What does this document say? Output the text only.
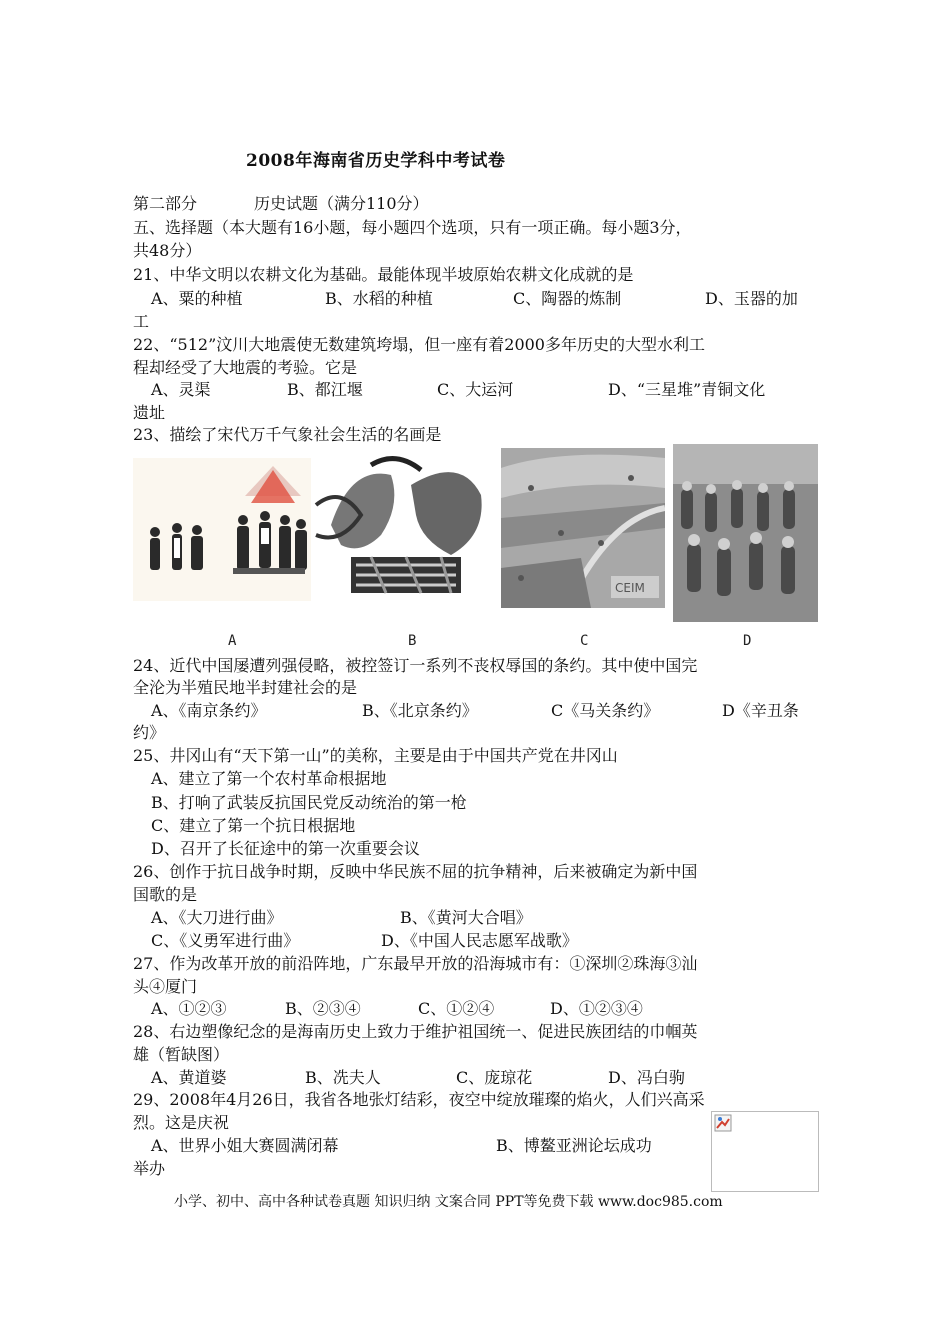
2008年海南省历史学科中考试卷
第二部分	历史试题（满分110分）
五、选择题（本大题有16小题，每小题四个选项，只有一项正确。每小题3分，
共48分）
21、中华文明以农耕文化为基础。最能体现半坡原始农耕文化成就的是
A、粟的种植	B、水稻的种植	C、陶器的炼制	D、玉器的加
工
22、“512”汶川大地震使无数建筑垮塌，但一座有着2000多年历史的大型水利工
程却经受了大地震的考验。它是
A、灵渠	B、都江堰	C、大运河	D、“三星堆”青铜文化
遗址
23、描绘了宋代万千气象社会生活的名画是
CEIM
A	B	C	D
24、近代中国屡遭列强侵略，被控签订一系列不丧权辱国的条约。其中使中国完
全沦为半殖民地半封建社会的是
A、《南京条约》	B、《北京条约》	C《马关条约》	D《辛丑条
约》
25、井冈山有“天下第一山”的美称，主要是由于中国共产党在井冈山
A、建立了第一个农村革命根据地
B、打响了武装反抗国民党反动统治的第一枪
C、建立了第一个抗日根据地
D、召开了长征途中的第一次重要会议
26、创作于抗日战争时期，反映中华民族不屈的抗争精神，后来被确定为新中国
国歌的是
A、《大刀进行曲》	B、《黄河大合唱》
C、《义勇军进行曲》	D、《中国人民志愿军战歌》
27、作为改革开放的前沿阵地，广东最早开放的沿海城市有：①深圳②珠海③汕
头④厦门
A、①②③	B、②③④	C、①②④	D、①②③④
28、右边塑像纪念的是海南历史上致力于维护祖国统一、促进民族团结的巾帼英
雄（暂缺图）
A、黄道婆	B、冼夫人	C、庞琼花	D、冯白驹
29、2008年4月26日，我省各地张灯结彩，夜空中绽放璀璨的焰火，人们兴高采
烈。这是庆祝
A、世界小姐大赛圆满闭幕	B、博鳌亚洲论坛成功
举办
小学、初中、高中各种试卷真题 知识归纳 文案合同 PPT等免费下载 www.doc985.com
